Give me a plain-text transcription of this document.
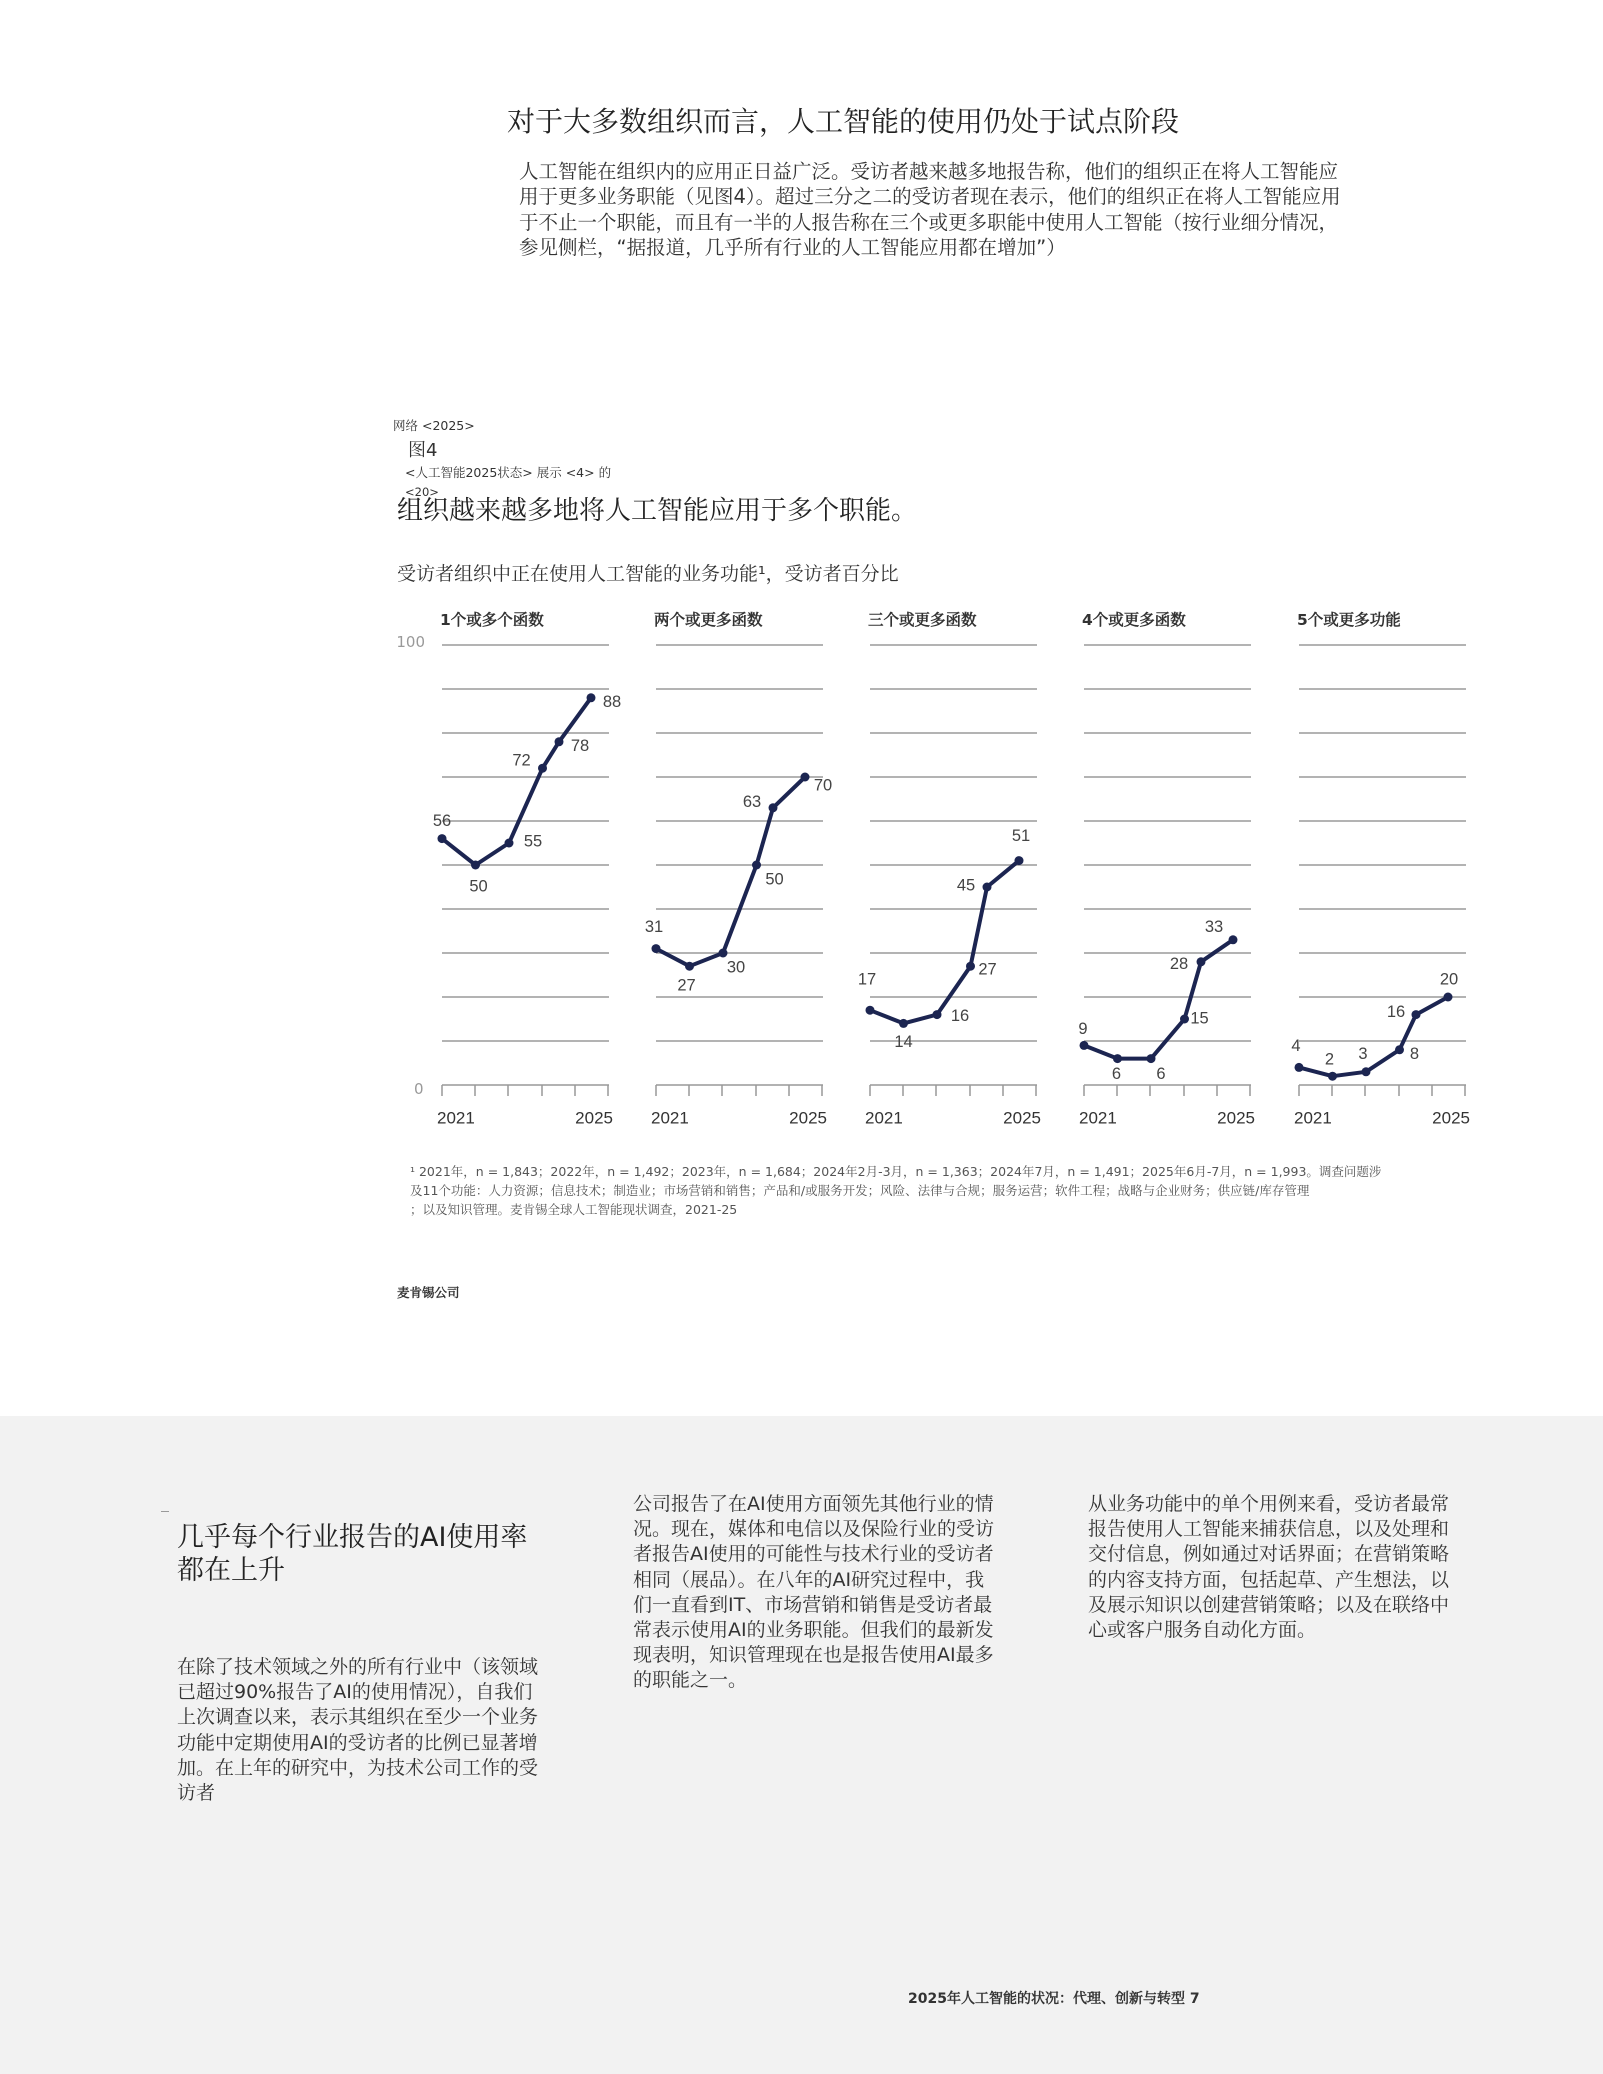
对于大多数组织而言，人工智能的使用仍处于试点阶段
人工智能在组织内的应用正日益广泛。受访者越来越多地报告称，他们的组织正在将人工智能应
用于更多业务职能（见图4）。超过三分之二的受访者现在表示，他们的组织正在将人工智能应用
于不止一个职能，而且有一半的人报告称在三个或更多职能中使用人工智能（按行业细分情况，
参见侧栏，“据报道，几乎所有行业的人工智能应用都在增加”）
网络 <2025>
图4
<人工智能2025状态> 展示 <4> 的
<20>
组织越来越多地将人工智能应用于多个职能。
受访者组织中正在使用人工智能的业务功能¹，受访者百分比
1个或多个函数	两个或更多函数	三个或更多函数	4个或更多函数	5个或更多功能
100
0
56
50
55
72
78
88
2021	2025
31
27
30
50
63
70
2021	2025
17
14
16
27
45
51
2021	2025
9
6 6
15
28
33
2021	2025
4
2 3	8
16
20
2021	2025
¹ 2021年，n = 1,843；2022年，n = 1,492；2023年，n = 1,684；2024年2月-3月，n = 1,363；2024年7月，n = 1,491；2025年6月-7月，n = 1,993。调查问题涉
及11个功能：人力资源；信息技术；制造业；市场营销和销售；产品和/或服务开发；风险、法律与合规；服务运营；软件工程；战略与企业财务；供应链/库存管理
；以及知识管理。麦肯锡全球人工智能现状调查，2021-25
麦肯锡公司
几乎每个行业报告的AI使用率
都在上升
在除了技术领域之外的所有行业中（该领域
已超过90%报告了AI的使用情况），自我们
上次调查以来，表示其组织在至少一个业务
功能中定期使用AI的受访者的比例已显著增
加。在上年的研究中，为技术公司工作的受
访者
公司报告了在AI使用方面领先其他行业的情
况。现在，媒体和电信以及保险行业的受访
者报告AI使用的可能性与技术行业的受访者
相同（展品）。在八年的AI研究过程中，我
们一直看到IT、市场营销和销售是受访者最
常表示使用AI的业务职能。但我们的最新发
现表明，知识管理现在也是报告使用AI最多
的职能之一。
从业务功能中的单个用例来看，受访者最常
报告使用人工智能来捕获信息，以及处理和
交付信息，例如通过对话界面；在营销策略
的内容支持方面，包括起草、产生想法，以
及展示知识以创建营销策略；以及在联络中
心或客户服务自动化方面。
2025年人工智能的状况：代理、创新与转型 7
